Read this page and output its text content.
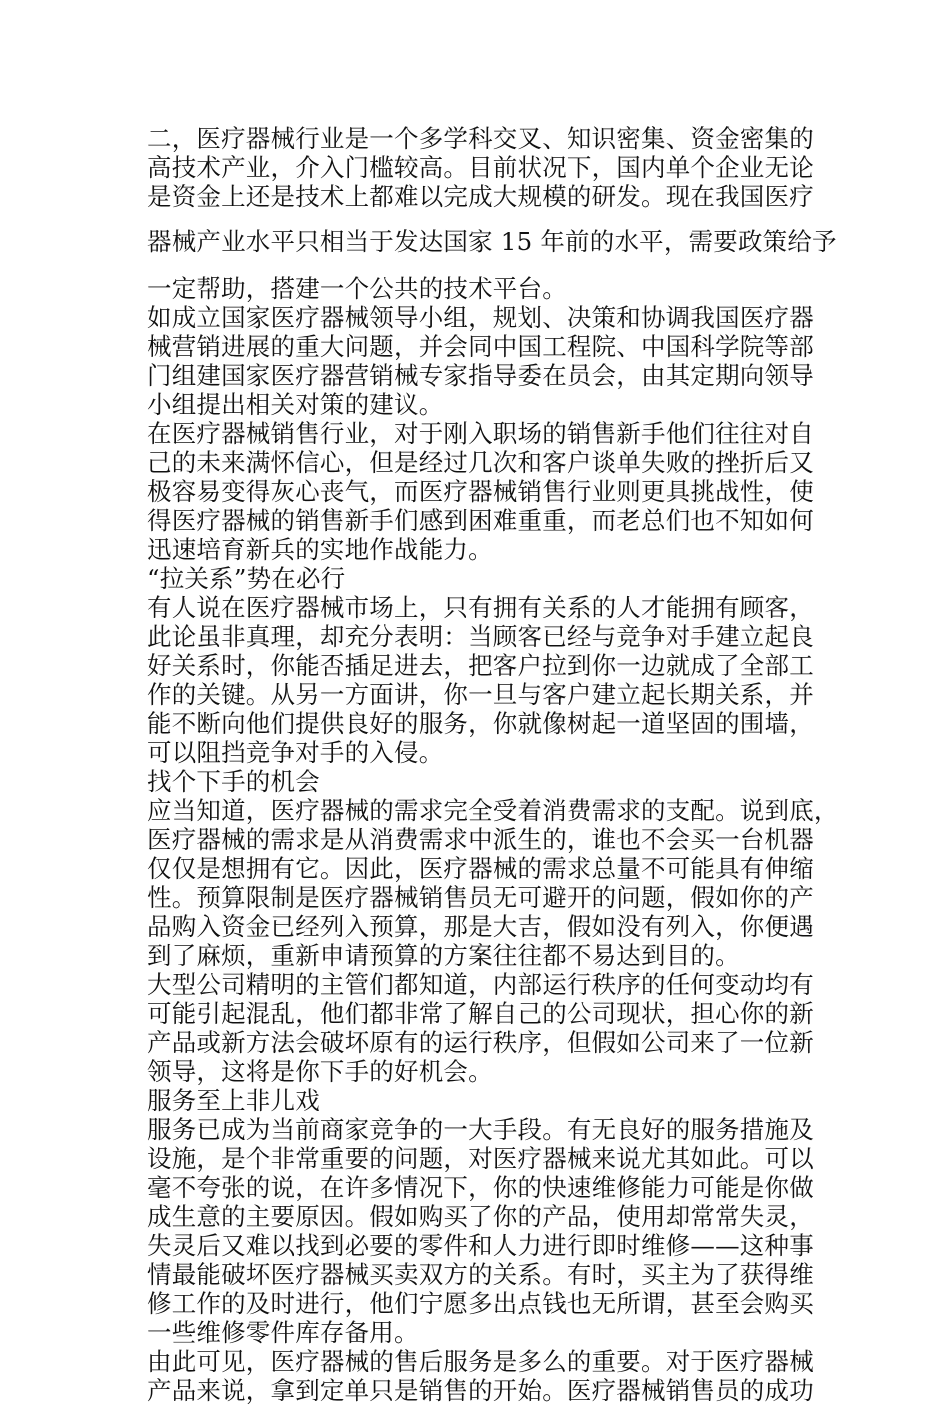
二，医疗器械行业是一个多学科交叉、知识密集、资金密集的
高技术产业，介入门槛较高。目前状况下，国内单个企业无论
是资金上还是技术上都难以完成大规模的研发。现在我国医疗
器械产业水平只相当于发达国家 15 年前的水平，需要政策给予
一定帮助，搭建一个公共的技术平台。
如成立国家医疗器械领导小组，规划、决策和协调我国医疗器
械营销进展的重大问题，并会同中国工程院、中国科学院等部
门组建国家医疗器营销械专家指导委在员会，由其定期向领导
小组提出相关对策的建议。
在医疗器械销售行业，对于刚入职场的销售新手他们往往对自
己的未来满怀信心，但是经过几次和客户谈单失败的挫折后又
极容易变得灰心丧气，而医疗器械销售行业则更具挑战性，使
得医疗器械的销售新手们感到困难重重，而老总们也不知如何
迅速培育新兵的实地作战能力。
“拉关系”势在必行
有人说在医疗器械市场上，只有拥有关系的人才能拥有顾客，
此论虽非真理，却充分表明：当顾客已经与竞争对手建立起良
好关系时，你能否插足进去，把客户拉到你一边就成了全部工
作的关键。从另一方面讲，你一旦与客户建立起长期关系，并
能不断向他们提供良好的服务，你就像树起一道坚固的围墙，
可以阻挡竞争对手的入侵。
找个下手的机会
应当知道，医疗器械的需求完全受着消费需求的支配。说到底，
医疗器械的需求是从消费需求中派生的，谁也不会买一台机器
仅仅是想拥有它。因此，医疗器械的需求总量不可能具有伸缩
性。预算限制是医疗器械销售员无可避开的问题，假如你的产
品购入资金已经列入预算，那是大吉，假如没有列入，你便遇
到了麻烦，重新申请预算的方案往往都不易达到目的。
大型公司精明的主管们都知道，内部运行秩序的任何变动均有
可能引起混乱，他们都非常了解自己的公司现状，担心你的新
产品或新方法会破坏原有的运行秩序，但假如公司来了一位新
领导，这将是你下手的好机会。
服务至上非儿戏
服务已成为当前商家竞争的一大手段。有无良好的服务措施及
设施，是个非常重要的问题，对医疗器械来说尤其如此。可以
毫不夸张的说，在许多情况下，你的快速维修能力可能是你做
成生意的主要原因。假如购买了你的产品，使用却常常失灵，
失灵后又难以找到必要的零件和人力进行即时维修——这种事
情最能破坏医疗器械买卖双方的关系。有时，买主为了获得维
修工作的及时进行，他们宁愿多出点钱也无所谓，甚至会购买
一些维修零件库存备用。
由此可见，医疗器械的售后服务是多么的重要。对于医疗器械
产品来说，拿到定单只是销售的开始。医疗器械销售员的成功
